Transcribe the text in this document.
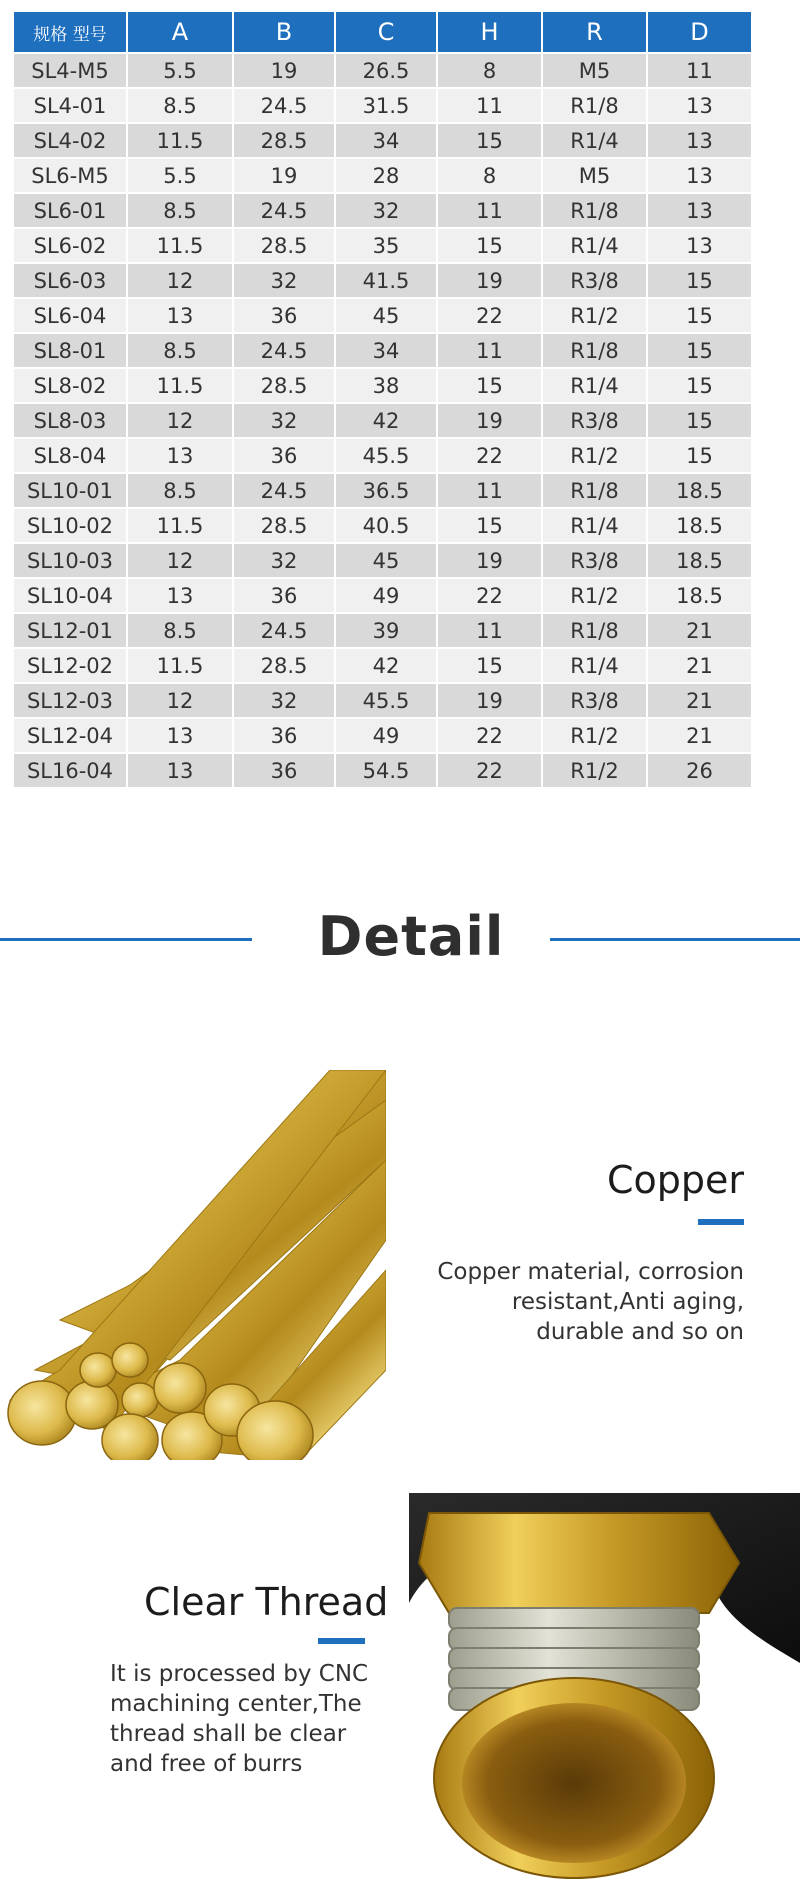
规格 型号	A	B	C	H	R	D
SL4-M5	5.5	19	26.5	8	M5	11
SL4-01	8.5	24.5	31.5	11	R1/8	13
SL4-02	11.5	28.5	34	15	R1/4	13
SL6-M5	5.5	19	28	8	M5	13
SL6-01	8.5	24.5	32	11	R1/8	13
SL6-02	11.5	28.5	35	15	R1/4	13
SL6-03	12	32	41.5	19	R3/8	15
SL6-04	13	36	45	22	R1/2	15
SL8-01	8.5	24.5	34	11	R1/8	15
SL8-02	11.5	28.5	38	15	R1/4	15
SL8-03	12	32	42	19	R3/8	15
SL8-04	13	36	45.5	22	R1/2	15
SL10-01	8.5	24.5	36.5	11	R1/8	18.5
SL10-02	11.5	28.5	40.5	15	R1/4	18.5
SL10-03	12	32	45	19	R3/8	18.5
SL10-04	13	36	49	22	R1/2	18.5
SL12-01	8.5	24.5	39	11	R1/8	21
SL12-02	11.5	28.5	42	15	R1/4	21
SL12-03	12	32	45.5	19	R3/8	21
SL12-04	13	36	49	22	R1/2	21
SL16-04	13	36	54.5	22	R1/2	26
Detail
Copper
Copper material, corrosion
resistant,Anti aging,
durable and so on
Clear Thread
It is processed by CNC
machining center,The
thread shall be clear
and free of burrs
